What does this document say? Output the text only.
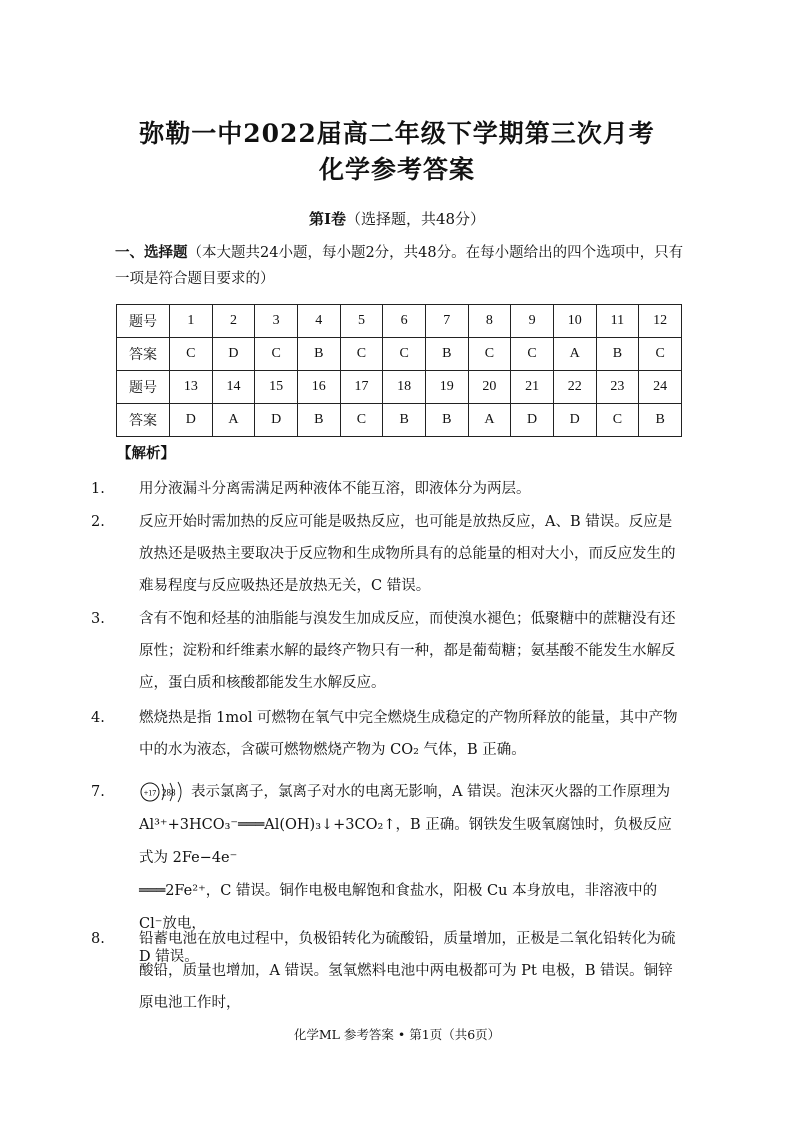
弥勒一中2022届高二年级下学期第三次月考
化学参考答案
第Ⅰ卷（选择题，共48分）
一、选择题（本大题共24小题，每小题2分，共48分。在每小题给出的四个选项中，只有一项是符合题目要求的）
题号	1	2	3	4	5	6	7	8	9	10	11	12
答案	C	D	C	B	C	C	B	C	C	A	B	C
题号	13	14	15	16	17	18	19	20	21	22	23	24
答案	D	A	D	B	C	B	B	A	D	D	C	B
【解析】

1. 用分液漏斗分离需满足两种液体不能互溶，即液体分为两层。

2. 反应开始时需加热的反应可能是吸热反应，也可能是放热反应，A、B 错误。反应是放热还是吸热主要取决于反应物和生成物所具有的总能量的相对大小，而反应发生的难易程度与反应吸热还是放热无关，C 错误。

3. 含有不饱和烃基的油脂能与溴发生加成反应，而使溴水褪色；低聚糖中的蔗糖没有还原性；淀粉和纤维素水解的最终产物只有一种，都是葡萄糖；氨基酸不能发生水解反应，蛋白质和核酸都能发生水解反应。

4. 燃烧热是指 1mol 可燃物在氧气中完全燃烧生成稳定的产物所释放的能量，其中产物中的水为液态，含碳可燃物燃烧产物为 CO₂ 气体，B 正确。

7.	+17 288 表示氯离子，氯离子对水的电离无影响，A 错误。泡沫灭火器的工作原理为
Al³⁺+3HCO₃⁻═══Al(OH)₃↓+3CO₂↑，B 正确。钢铁发生吸氧腐蚀时，负极反应式为 2Fe−4e⁻
═══2Fe²⁺，C 错误。铜作电极电解饱和食盐水，阳极 Cu 本身放电，非溶液中的 Cl⁻放电，
D 错误。

8. 铅蓄电池在放电过程中，负极铅转化为硫酸铅，质量增加，正极是二氧化铅转化为硫酸铅，质量也增加，A 错误。氢氧燃料电池中两电极都可为 Pt 电极，B 错误。铜锌原电池工作时，

化学ML 参考答案 • 第1页（共6页）
